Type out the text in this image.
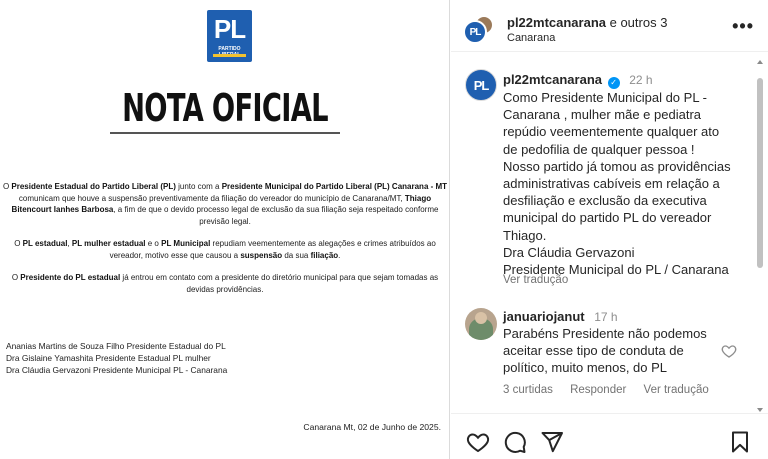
PL
PARTIDO
NOTA OFICIAL

O Presidente Estadual do Partido Liberal (PL) junto com a Presidente Municipal do Partido Liberal (PL) Canarana - MT comunicam que houve a suspensão preventivamente da filiação do vereador do município de Canarana/MT, Thiago Bitencourt Ianhes Barbosa, a fim de que o devido processo legal de exclusão da sua filiação seja respeitado conforme previsão legal.

O PL estadual, PL mulher estadual e o PL Municipal repudiam veementemente as alegações e crimes atribuídos ao vereador, motivo esse que causou a suspensão da sua filiação.

O Presidente do PL estadual já entrou em contato com a presidente do diretório municipal para que sejam tomadas as devidas providências.

Ananias Martins de Souza Filho Presidente Estadual do PL
Dra Gislaine Yamashita Presidente Estadual PL mulher
Dra Cláudia Gervazoni Presidente Municipal PL - Canarana
Canarana Mt, 02 de Junho de 2025.
PL
pl22mtcanarana e outros 3
Canarana
•••
PL	pl22mtcanarana ✓ 22 h
Como Presidente Municipal do PL -
Canarana , mulher mãe e pediatra
repúdio veementemente qualquer ato
de pedofilia de qualquer pessoa !
Nosso partido já tomou as providências
administrativas cabíveis em relação a
desfiliação e exclusão da executiva
municipal do partido PL do vereador
Thiago.
Dra Cláudia Gervazoni
Presidente Municipal do PL / Canarana
Ver tradução
januariojanut 17 h
Parabéns Presidente não podemos
aceitar esse tipo de conduta de
político, muito menos, do PL
3 curtidas Responder Ver tradução
